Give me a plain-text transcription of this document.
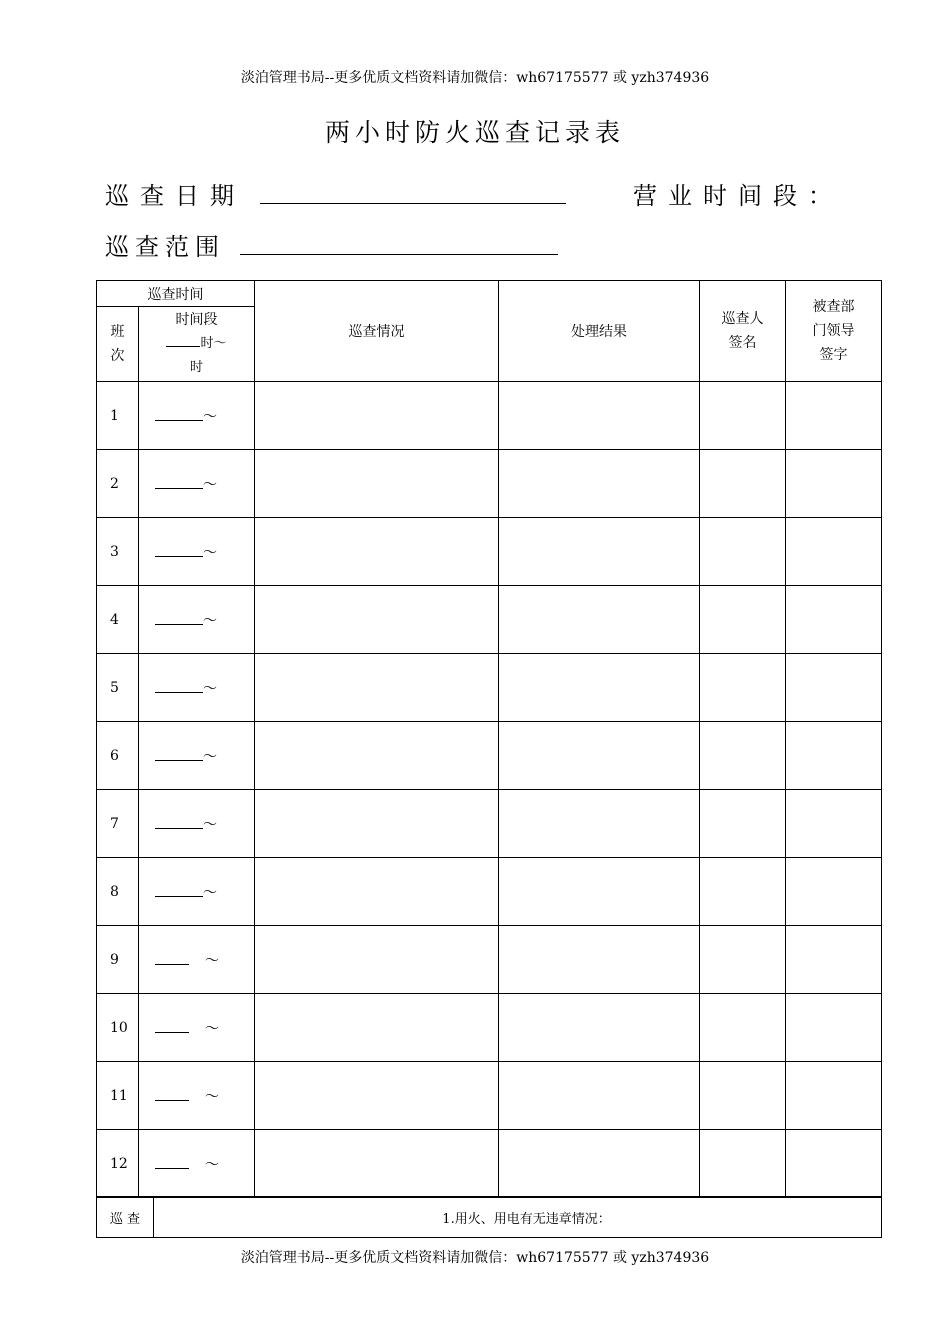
淡泊管理书局--更多优质文档资料请加微信：wh67175577 或 yzh374936
两小时防火巡查记录表
巡查日期	营业时间段：
巡查范围
巡查时间		巡查情况	处理结果	巡查人签名	被查部门领导签字

班次	时间段
时～
时				

1	～				
2	～				
3	～				
4	～				
5	～				
6	～				
7	～				
8	～				
9	～				
10	～				
11	～				
12	～				
巡 查	1.用火、用电有无违章情况：
淡泊管理书局--更多优质文档资料请加微信：wh67175577 或 yzh374936
